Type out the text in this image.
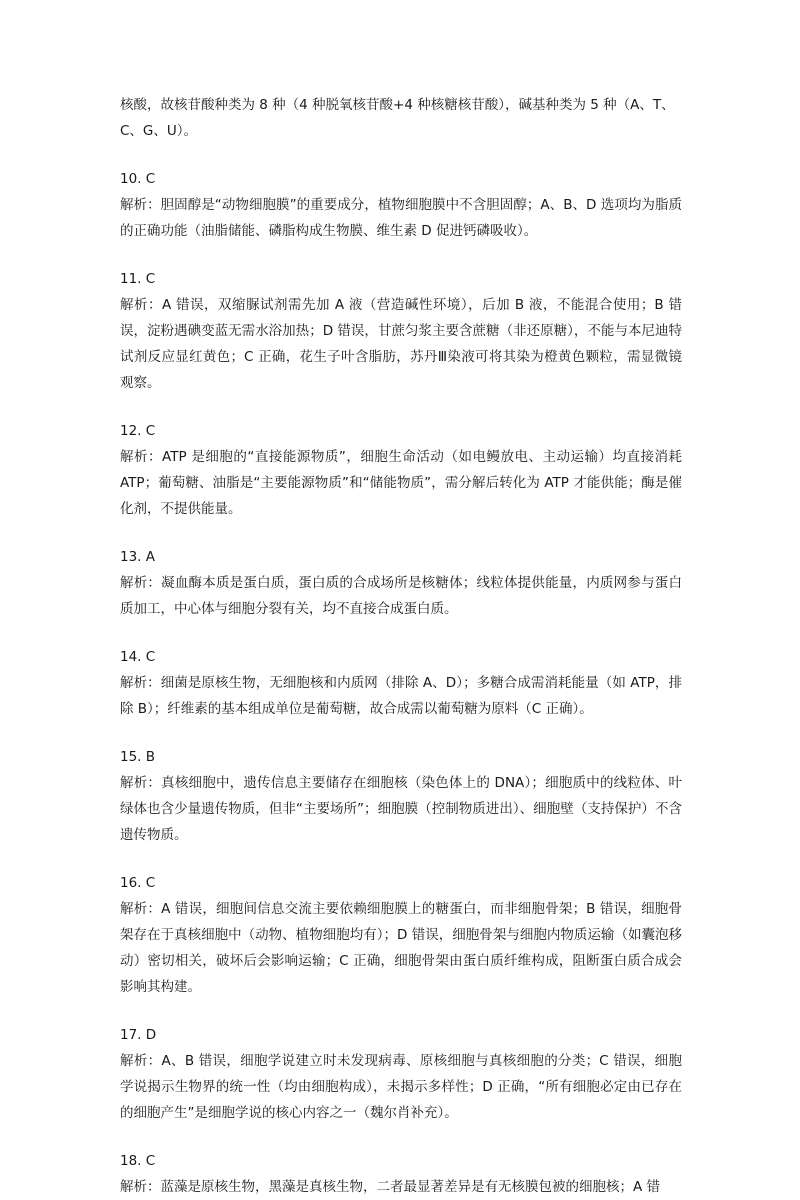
核酸，故核苷酸种类为 8 种（4 种脱氧核苷酸+4 种核糖核苷酸），碱基种类为 5 种（A、T、C、G、U）。

10. C
解析：胆固醇是“动物细胞膜”的重要成分，植物细胞膜中不含胆固醇；A、B、D 选项均为脂质的正确功能（油脂储能、磷脂构成生物膜、维生素 D 促进钙磷吸收）。
11. C
解析：A 错误，双缩脲试剂需先加 A 液（营造碱性环境），后加 B 液，不能混合使用；B 错误，淀粉遇碘变蓝无需水浴加热；D 错误，甘蔗匀浆主要含蔗糖（非还原糖），不能与本尼迪特试剂反应显红黄色；C 正确，花生子叶含脂肪，苏丹Ⅲ染液可将其染为橙黄色颗粒，需显微镜观察。
12. C
解析：ATP 是细胞的“直接能源物质”，细胞生命活动（如电鳗放电、主动运输）均直接消耗 ATP；葡萄糖、油脂是“主要能源物质”和“储能物质”，需分解后转化为 ATP 才能供能；酶是催化剂，不提供能量。
13. A
解析：凝血酶本质是蛋白质，蛋白质的合成场所是核糖体；线粒体提供能量，内质网参与蛋白质加工，中心体与细胞分裂有关，均不直接合成蛋白质。
14. C
解析：细菌是原核生物，无细胞核和内质网（排除 A、D）；多糖合成需消耗能量（如 ATP，排除 B）；纤维素的基本组成单位是葡萄糖，故合成需以葡萄糖为原料（C 正确）。
15. B
解析：真核细胞中，遗传信息主要储存在细胞核（染色体上的 DNA）；细胞质中的线粒体、叶绿体也含少量遗传物质，但非“主要场所”；细胞膜（控制物质进出）、细胞壁（支持保护）不含遗传物质。
16. C
解析：A 错误，细胞间信息交流主要依赖细胞膜上的糖蛋白，而非细胞骨架；B 错误，细胞骨架存在于真核细胞中（动物、植物细胞均有）；D 错误，细胞骨架与细胞内物质运输（如囊泡移动）密切相关，破坏后会影响运输；C 正确，细胞骨架由蛋白质纤维构成，阻断蛋白质合成会影响其构建。
17. D
解析：A、B 错误，细胞学说建立时未发现病毒、原核细胞与真核细胞的分类；C 错误，细胞学说揭示生物界的统一性（均由细胞构成），未揭示多样性；D 正确，“所有细胞必定由已存在的细胞产生”是细胞学说的核心内容之一（魏尔肖补充）。
18. C
解析：蓝藻是原核生物，黑藻是真核生物，二者最显著差异是有无核膜包被的细胞核；A 错
